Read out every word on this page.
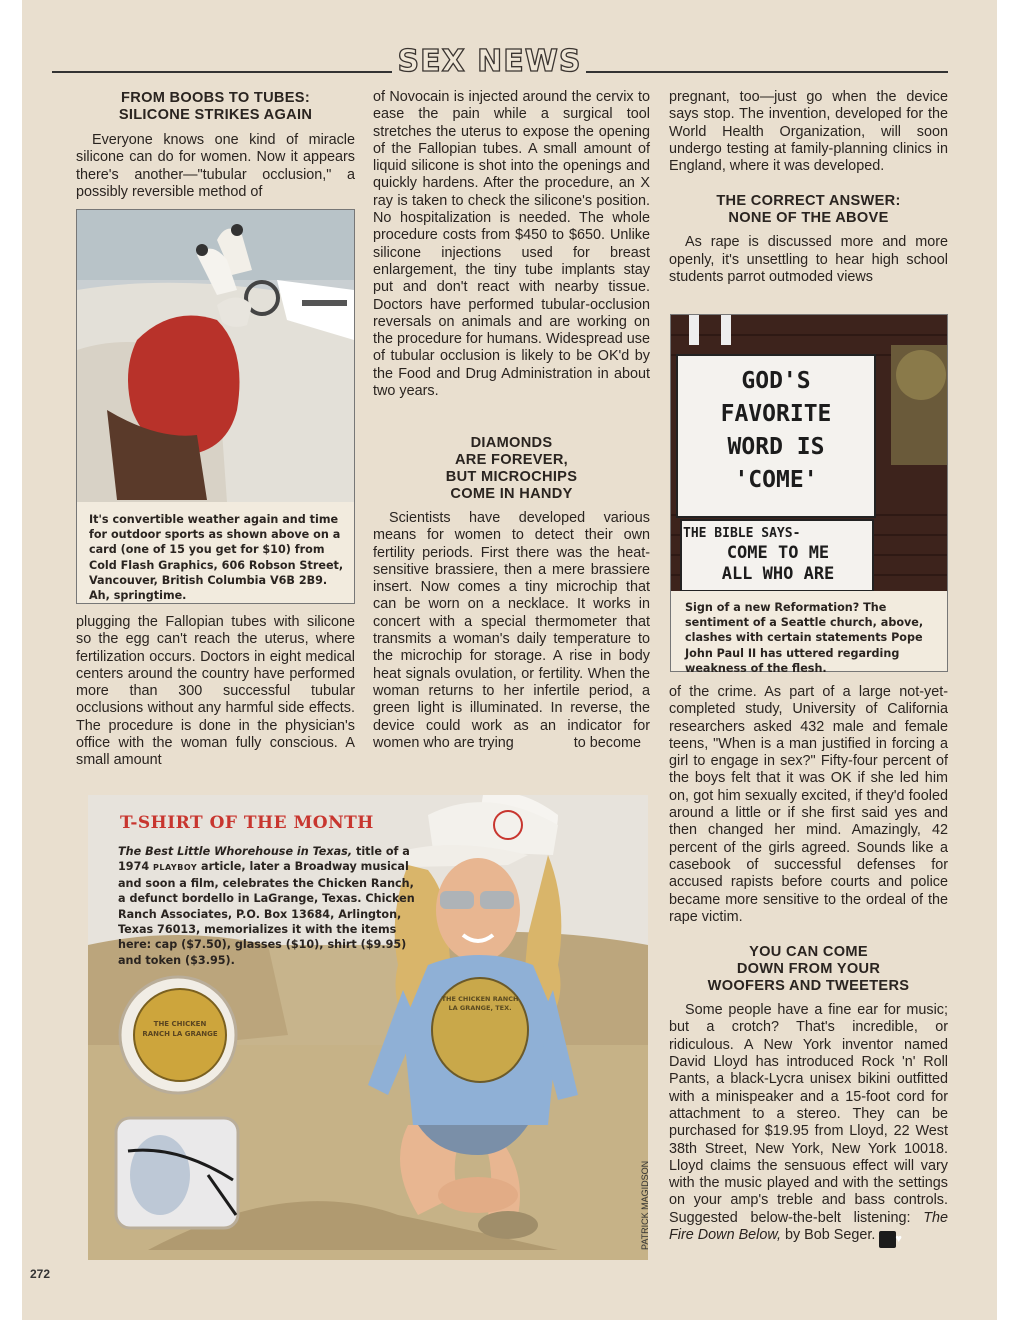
SEX NEWS

FROM BOOBS TO TUBES:

SILICONE STRIKES AGAIN

Everyone knows one kind of miracle silicone can do for women. Now it appears there's another—"tubular occlusion," a possibly reversible method of

It's convertible weather again and time for outdoor sports as shown above on a card (one of 15 you get for $10) from Cold Flash Graphics, 606 Robson Street, Vancouver, British Columbia V6B 2B9. Ah, springtime.

plugging the Fallopian tubes with silicone so the egg can't reach the uterus, where fertilization occurs. Doctors in eight medical centers around the country have performed more than 300 successful tubular occlusions without any harmful side effects. The procedure is done in the physician's office with the woman fully conscious. A small amount

of Novocain is injected around the cervix to ease the pain while a surgical tool stretches the uterus to expose the opening of the Fallopian tubes. A small amount of liquid silicone is shot into the openings and quickly hardens. After the procedure, an X ray is taken to check the silicone's position. No hospitalization is needed. The whole procedure costs from $450 to $650. Unlike silicone injections used for breast enlargement, the tiny tube implants stay put and don't react with nearby tissue. Doctors have performed tubular-occlusion reversals on animals and are working on the procedure for humans. Widespread use of tubular occlusion is likely to be OK'd by the Food and Drug Administration in about two years.

DIAMONDS

ARE FOREVER,

BUT MICROCHIPS

COME IN HANDY

Scientists have developed various means for women to detect their own fertility periods. First there was the heat-sensitive brassiere, then a mere brassiere insert. Now comes a tiny microchip that can be worn on a necklace. It works in concert with a special thermometer that transmits a woman's daily temperature to the microchip for storage. A rise in body heat signals ovulation, or fertility. When the woman returns to her infertile period, a green light is illuminated. In reverse, the device could work as an indicator for women who are trying	to become

pregnant, too—just go when the device says stop. The invention, developed for the World Health Organization, will soon undergo testing at family-planning clinics in England, where it was developed.

THE CORRECT ANSWER:

NONE OF THE ABOVE

As rape is discussed more and more openly, it's unsettling to hear high school students parrot outmoded views

GOD'S
FAVORITE
WORD IS
'COME'
THE BIBLE SAYS-
COME TO ME
ALL WHO ARE
Sign of a new Reformation? The sentiment of a Seattle church, above, clashes with certain statements Pope John Paul II has uttered regarding weakness of the flesh.

of the crime. As part of a large not-yet-completed study, University of California researchers asked 432 male and female teens, "When is a man justified in forcing a girl to engage in sex?" Fifty-four percent of the boys felt that it was OK if she led him on, got him sexually excited, if they'd fooled around a little or if she first said yes and then changed her mind. Amazingly, 42 percent of the girls agreed. Sounds like a casebook of successful defenses for accused rapists before courts and police became more sensitive to the ordeal of the rape victim.

YOU CAN COME

DOWN FROM YOUR

WOOFERS AND TWEETERS

Some people have a fine ear for music; but a crotch? That's incredible, or ridiculous. A New York inventor named David Lloyd has introduced Rock 'n' Roll Pants, a black-Lycra unisex bikini outfitted with a minispeaker and a 15-foot cord for attachment to a stereo. They can be purchased for $19.95 from Lloyd, 22 West 38th Street, New York, New York 10018. Lloyd claims the sensuous effect will vary with the music played and with the settings on your amp's treble and bass controls. Suggested below-the-belt listening: The Fire Down Below, by Bob Seger. ♥

T-SHIRT OF THE MONTH
The Best Little Whorehouse in Texas, title of a 1974 PLAYBOY article, later a Broadway musical and soon a film, celebrates the Chicken Ranch, a defunct bordello in LaGrange, Texas. Chicken Ranch Associates, P.O. Box 13684, Arlington, Texas 76013, memorializes it with the items here: cap ($7.50), glasses ($10), shirt ($9.95) and token ($3.95).
THE CHICKEN RANCH LA GRANGE, TEX.
THE CHICKEN RANCH LA GRANGE
PATRICK MAGIDSON
272
